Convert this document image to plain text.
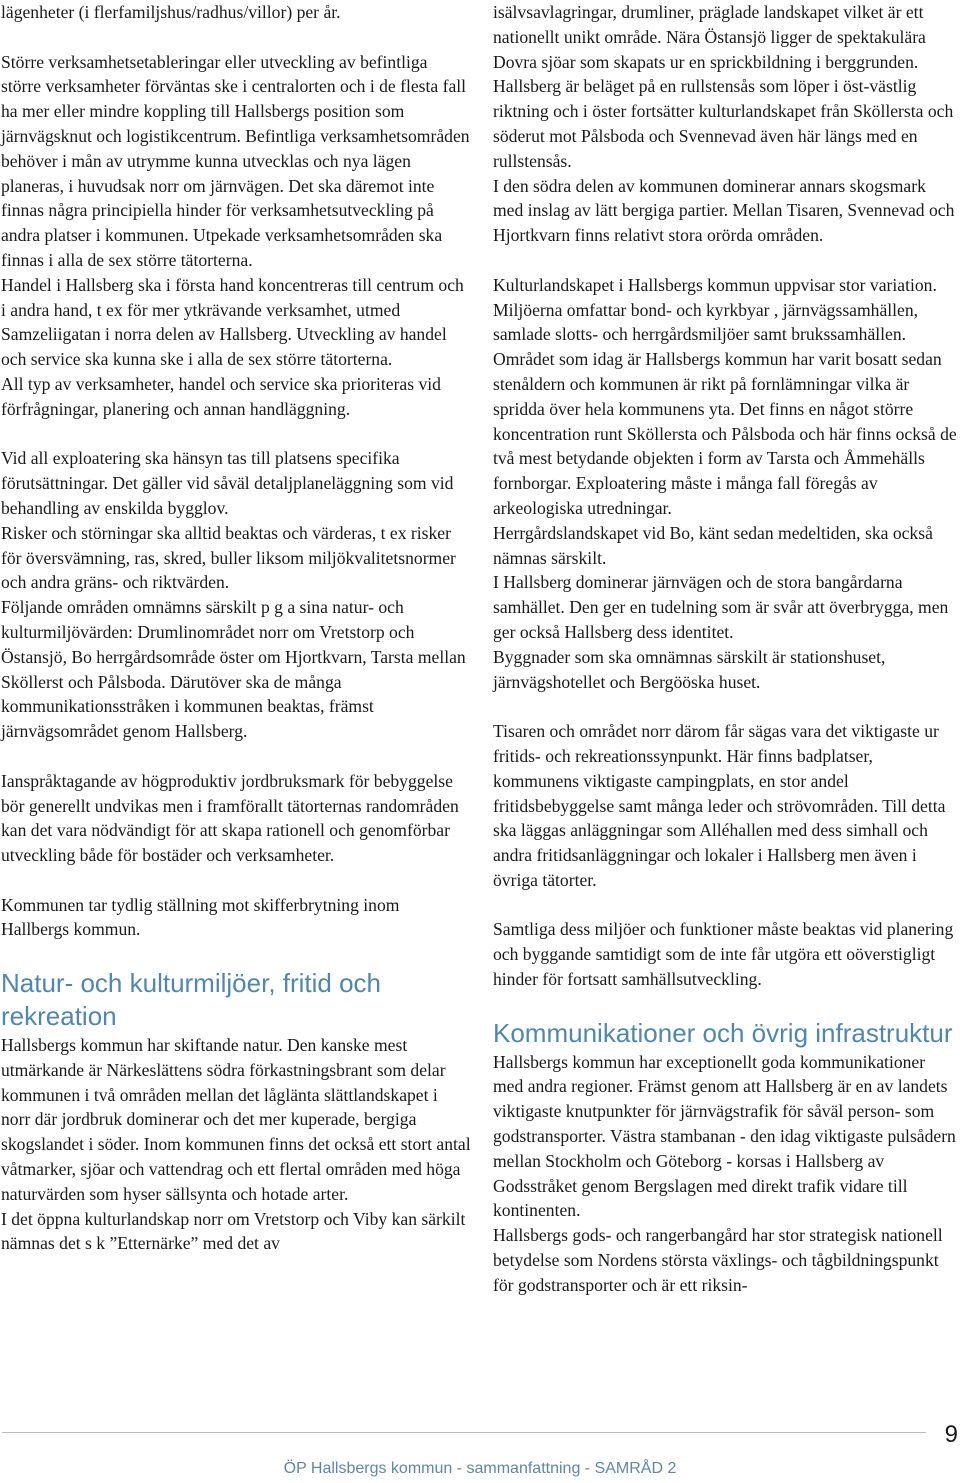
lägenheter (i flerfamiljshus/radhus/villor) per år.

Större verksamhetsetableringar eller utveckling av befintliga större verksamheter förväntas ske i centralorten och i de flesta fall ha mer eller mindre koppling till Hallsbergs position som järnvägsknut och logistikcentrum. Befintliga verksamhetsområden behöver i mån av utrymme kunna utvecklas och nya lägen planeras, i huvudsak norr om järnvägen. Det ska däremot inte finnas några principiella hinder för verksamhetsutveckling på andra platser i kommunen. Utpekade verksamhetsområden ska finnas i alla de sex större tätorterna.

Handel i Hallsberg ska i första hand koncentreras till centrum och i andra hand, t ex för mer ytkrävande verksamhet, utmed Samzeliigatan i norra delen av Hallsberg. Utveckling av handel och service ska kunna ske i alla de sex större tätorterna.

All typ av verksamheter, handel och service ska prioriteras vid förfrågningar, planering och annan handläggning.

Vid all exploatering ska hänsyn tas till platsens specifika förutsättningar. Det gäller vid såväl detaljplaneläggning som vid behandling av enskilda bygglov.

Risker och störningar ska alltid beaktas och värderas, t ex risker för översvämning, ras, skred, buller liksom miljökvalitetsnormer och andra gräns- och riktvärden.

Följande områden omnämns särskilt p g a sina natur- och kulturmiljövärden: Drumlinområdet norr om Vretstorp och Östansjö, Bo herrgårdsområde öster om Hjortkvarn, Tarsta mellan Sköllerst och Pålsboda. Därutöver ska de många kommunikationsstråken i kommunen beaktas, främst järnvägsområdet genom Hallsberg.

Ianspråktagande av högproduktiv jordbruksmark för bebyggelse bör generellt undvikas men i framförallt tätorternas randområden kan det vara nödvändigt för att skapa rationell och genomförbar utveckling både för bostäder och verksamheter.

Kommunen tar tydlig ställning mot skifferbrytning inom Hallbergs kommun.

Natur- och kulturmiljöer, fritid och rekreation

Hallsbergs kommun har skiftande natur. Den kanske mest utmärkande är Närkeslättens södra förkastningsbrant som delar kommunen i två områden mellan det låglänta slättlandskapet i norr där jordbruk dominerar och det mer kuperade, bergiga skogslandet i söder. Inom kommunen finns det också ett stort antal våtmarker, sjöar och vattendrag och ett flertal områden med höga naturvärden som hyser sällsynta och hotade arter.

I det öppna kulturlandskap norr om Vretstorp och Viby kan särkilt nämnas det s k ”Etternärke” med det av

isälvsavlagringar, drumliner, präglade landskapet vilket är ett nationellt unikt område. Nära Östansjö ligger de spektakulära Dovra sjöar som skapats ur en sprickbildning i berggrunden.

Hallsberg är beläget på en rullstensås som löper i öst-västlig riktning och i öster fortsätter kulturlandskapet från Sköllersta och söderut mot Pålsboda och Svennevad även här längs med en rullstensås.

I den södra delen av kommunen dominerar annars skogsmark med inslag av lätt bergiga partier. Mellan Tisaren, Svennevad och Hjortkvarn finns relativt stora orörda områden.

Kulturlandskapet i Hallsbergs kommun uppvisar stor variation. Miljöerna omfattar bond- och kyrkbyar , järnvägssamhällen, samlade slotts- och herrgårdsmiljöer samt brukssamhällen.

Området som idag är Hallsbergs kommun har varit bosatt sedan stenåldern och kommunen är rikt på fornlämningar vilka är spridda över hela kommunens yta. Det finns en något större koncentration runt Sköllersta och Pålsboda och här finns också de två mest betydande objekten i form av Tarsta och Åmmehälls fornborgar. Exploatering måste i många fall föregås av arkeologiska utredningar.

Herrgårdslandskapet vid Bo, känt sedan medeltiden, ska också nämnas särskilt.

I Hallsberg dominerar järnvägen och de stora bangårdarna samhället. Den ger en tudelning som är svår att överbrygga, men ger också Hallsberg dess identitet.

Byggnader som ska omnämnas särskilt är stationshuset, järnvägshotellet och Bergööska huset.

Tisaren och området norr därom får sägas vara det viktigaste ur fritids- och rekreationssynpunkt. Här finns badplatser, kommunens viktigaste campingplats, en stor andel fritidsbebyggelse samt många leder och strövområden. Till detta ska läggas anläggningar som Alléhallen med dess simhall och andra fritidsanläggningar och lokaler i Hallsberg men även i övriga tätorter.

Samtliga dess miljöer och funktioner måste beaktas vid planering och byggande samtidigt som de inte får utgöra ett oöverstigligt hinder för fortsatt samhällsutveckling.

Kommunikationer och övrig infrastruktur

Hallsbergs kommun har exceptionellt goda kommunikationer med andra regioner. Främst genom att Hallsberg är en av landets viktigaste knutpunkter för järnvägstrafik för såväl person- som godstransporter. Västra stambanan - den idag viktigaste pulsådern mellan Stockholm och Göteborg - korsas i Hallsberg av Godsstråket genom Bergslagen med direkt trafik vidare till kontinenten.

Hallsbergs gods- och rangerbangård har stor strategisk nationell betydelse som Nordens största växlings- och tågbildningspunkt för godstransporter och är ett riksin-

9
ÖP Hallsbergs kommun - sammanfattning - SAMRÅD 2
